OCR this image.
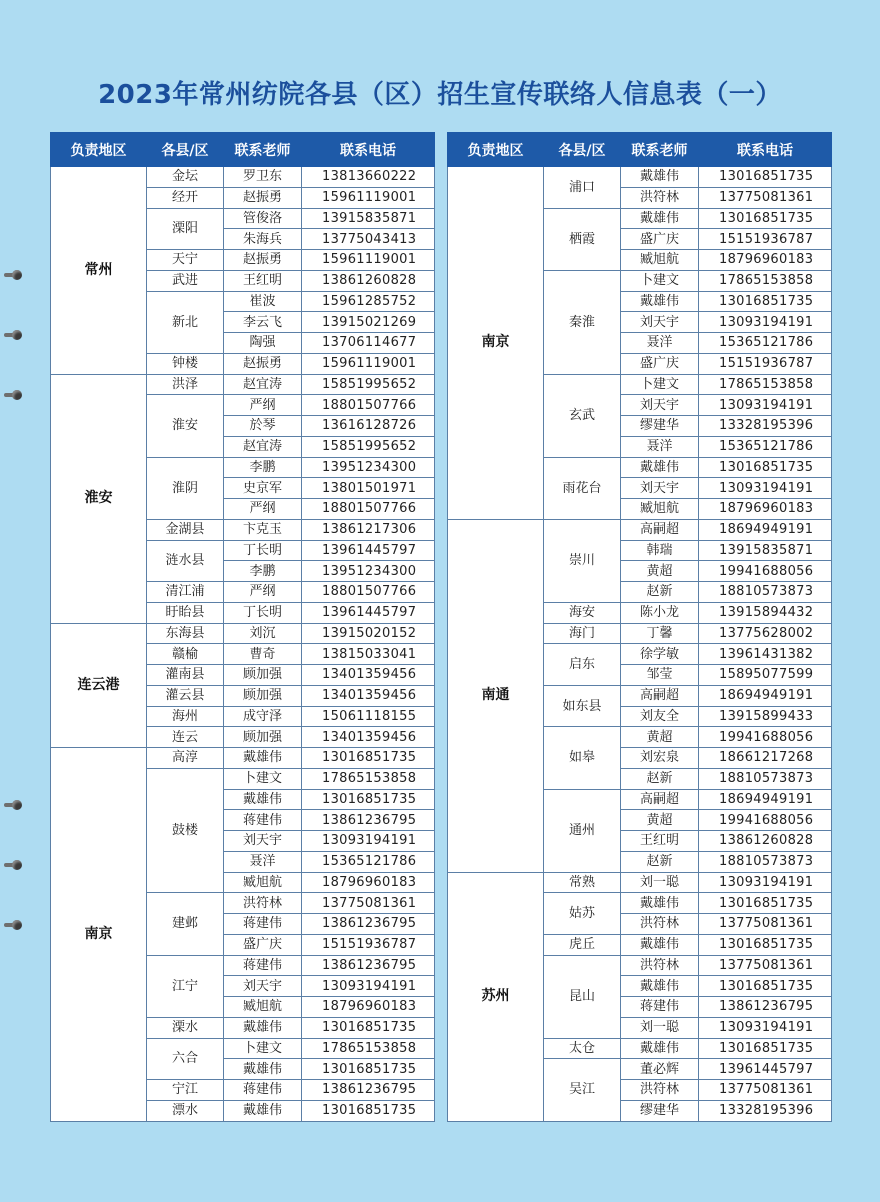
2023年常州纺院各县（区）招生宣传联络人信息表（一）
负责地区	各县/区	联系老师	联系电话
常州	金坛	罗卫东	13813660222
	经开	赵振勇	15961119001
	溧阳	管俊洛	13915835871
		朱海兵	13775043413
	天宁	赵振勇	15961119001
	武进	王红明	13861260828
	新北	崔波	15961285752
		李云飞	13915021269
		陶强	13706114677
	钟楼	赵振勇	15961119001
淮安	洪泽	赵宜涛	15851995652
	淮安	严纲	18801507766
		於琴	13616128726
		赵宜涛	15851995652
	淮阴	李鹏	13951234300
		史京军	13801501971
		严纲	18801507766
	金湖县	卞克玉	13861217306
	涟水县	丁长明	13961445797
		李鹏	13951234300
	清江浦	严纲	18801507766
	盱眙县	丁长明	13961445797
连云港	东海县	刘沉	13915020152
	赣榆	曹奇	13815033041
	灌南县	顾加强	13401359456
	灌云县	顾加强	13401359456
	海州	成守泽	15061118155
	连云	顾加强	13401359456
南京	高淳	戴雄伟	13016851735
	鼓楼	卜建文	17865153858
		戴雄伟	13016851735
		蒋建伟	13861236795
		刘天宇	13093194191
		聂洋	15365121786
		臧旭航	18796960183
	建邺	洪符林	13775081361
		蒋建伟	13861236795
		盛广庆	15151936787
	江宁	蒋建伟	13861236795
		刘天宇	13093194191
		臧旭航	18796960183
	溧水	戴雄伟	13016851735
	六合	卜建文	17865153858
		戴雄伟	13016851735
	宁江	蒋建伟	13861236795
	漂水	戴雄伟	13016851735
负责地区	各县/区	联系老师	联系电话
南京	浦口	戴雄伟	13016851735
		洪符林	13775081361
	栖霞	戴雄伟	13016851735
		盛广庆	15151936787
		臧旭航	18796960183
	秦淮	卜建文	17865153858
		戴雄伟	13016851735
		刘天宇	13093194191
		聂洋	15365121786
		盛广庆	15151936787
	玄武	卜建文	17865153858
		刘天宇	13093194191
		缪建华	13328195396
		聂洋	15365121786
	雨花台	戴雄伟	13016851735
		刘天宇	13093194191
		臧旭航	18796960183
南通	崇川	高嗣超	18694949191
		韩瑞	13915835871
		黄超	19941688056
		赵新	18810573873
	海安	陈小龙	13915894432
	海门	丁馨	13775628002
	启东	徐学敏	13961431382
		邹莹	15895077599
	如东县	高嗣超	18694949191
		刘友全	13915899433
	如皋	黄超	19941688056
		刘宏泉	18661217268
		赵新	18810573873
	通州	高嗣超	18694949191
		黄超	19941688056
		王红明	13861260828
		赵新	18810573873
苏州	常熟	刘一聪	13093194191
	姑苏	戴雄伟	13016851735
		洪符林	13775081361
	虎丘	戴雄伟	13016851735
	昆山	洪符林	13775081361
		戴雄伟	13016851735
		蒋建伟	13861236795
		刘一聪	13093194191
	太仓	戴雄伟	13016851735
	吴江	董必辉	13961445797
		洪符林	13775081361
		缪建华	13328195396
